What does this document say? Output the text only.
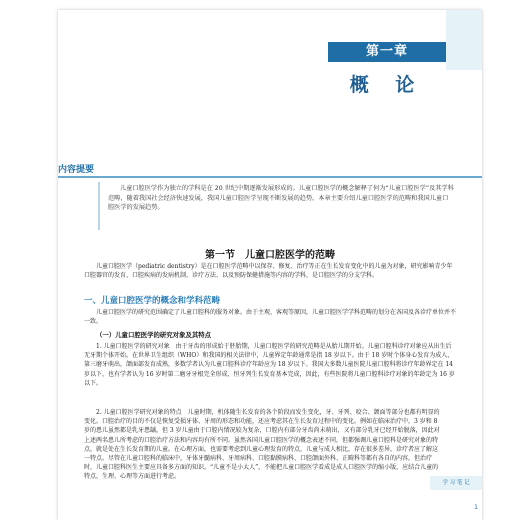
第一章
概 论
内容提要
儿童口腔医学作为独立的学科是在 20 世纪中期逐渐发展形成的。儿童口腔医学的概念解释了何为“儿童口腔医学”及其学科范畴，随着我国社会经济快速发展，我国儿童口腔医学呈现不断发展的趋势。本章主要介绍儿童口腔医学的范畴和我国儿童口腔医学的发展趋势。
第一节　儿童口腔医学的范畴
儿童口腔医学（pediatric dentistry）是在口腔医学范畴中以保存、修复、治疗等正在生长发育变化中的儿童为对象，研究影响青少年口腔器官的发育、口腔疾病的发病机制、诊疗方法、以及预防保健措施等内容的学科，是口腔医学的分支学科。
一、儿童口腔医学的概念和学科范畴
儿童口腔医学的研究范围确定了儿童口腔科的服务对象。由于主观、客观等原因，儿童口腔医学学科范畴的划分在各国及各诊疗单位并不一致。
（一）儿童口腔医学的研究对象及其特点
1. 儿童口腔医学的研究对象　由于牙齿的形成始于胚胎期，儿童口腔医学的研究范畴是从胎儿期开始。儿童口腔科诊疗对象应从出生后无牙期个体开始。在世界卫生组织（WHO）和我国的相关法律中，儿童界定年龄通常是指 18 岁以下。由于 18 岁时个体身心发育为成人，第三磨牙萌出，颌面部发育成熟，多数学者认为儿童口腔科诊疗年龄应为 18 岁以下。我国大多数儿童医院儿童口腔科将诊疗年龄界定在 14 岁以下，也有学者认为 16 岁时第二磨牙牙根完全形成、恒牙列生长发育基本完成，因此，有些医院将儿童口腔科诊疗对象的年龄定为 16 岁以下。
2. 儿童口腔医学研究对象的特点　儿童时期，机体随生长发育的各个阶段而发生变化，牙、牙列、咬合、颌面等部分也都有明显的变化。口腔治疗的目的不仅是恢复受损牙体、牙周的形态和功能，还应考虑其在生长发育过程中的变化。例如在临床治疗中，3 岁和 8 岁的患儿虽然都是乳牙患龋，但 3 岁儿童由于口腔内情况较为复杂，口腔内有部分牙齿尚未萌出，又有部分乳牙已经开始脱落，因此对上述两名患儿所考虑的口腔治疗方法和内容均有所不同。虽然各国儿童口腔医学的概念表述不同，但都强调儿童口腔科是研究对象的特点，就是处在生长发育期的儿童。在心理方面，也需要考虑到儿童心理发育的特点，儿童与成人相比，存在很多差异，诊疗者应了解这一特点。尽管在儿童口腔科的临床中，牙体牙髓病科、牙周病科、口腔黏膜病科、口腔颌面外科、正畸科等都有各自的内容，但治疗时，儿童口腔科医生主要应具备多方面的知识。“儿童不是小大人”，不能把儿童口腔医学看成是成人口腔医学的缩小版，应结合儿童的特点，生理、心理等方面进行考虑。
学 习 笔 记
1
